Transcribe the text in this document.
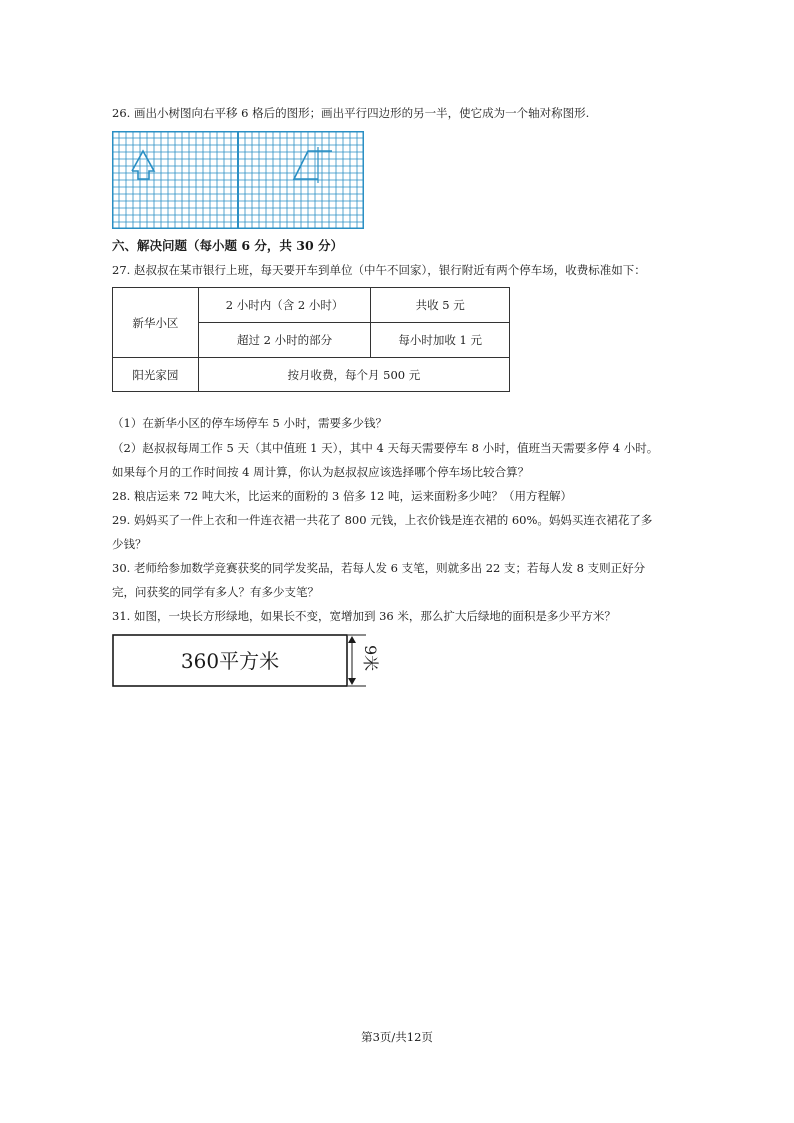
26. 画出小树图向右平移 6 格后的图形；画出平行四边形的另一半，使它成为一个轴对称图形.
六、解决问题（每小题 6 分，共 30 分）
27. 赵叔叔在某市银行上班，每天要开车到单位（中午不回家），银行附近有两个停车场，收费标准如下：
新华小区	2 小时内（含 2 小时）	共收 5 元
	超过 2 小时的部分	每小时加收 1 元
阳光家园	按月收费，每个月 500 元	
（1）在新华小区的停车场停车 5 小时，需要多少钱？
（2）赵叔叔每周工作 5 天（其中值班 1 天），其中 4 天每天需要停车 8 小时，值班当天需要多停 4 小时。
如果每个月的工作时间按 4 周计算，你认为赵叔叔应该选择哪个停车场比较合算？
28. 粮店运来 72 吨大米，比运来的面粉的 3 倍多 12 吨，运来面粉多少吨？（用方程解）
29. 妈妈买了一件上衣和一件连衣裙一共花了 800 元钱，上衣价钱是连衣裙的 60%。妈妈买连衣裙花了多
少钱？
30. 老师给参加数学竞赛获奖的同学发奖品，若每人发 6 支笔，则就多出 22 支；若每人发 8 支则正好分
完，问获奖的同学有多人？有多少支笔？
31. 如图，一块长方形绿地，如果长不变，宽增加到 36 米，那么扩大后绿地的面积是多少平方米？
360平方米	9米
第3页/共12页
